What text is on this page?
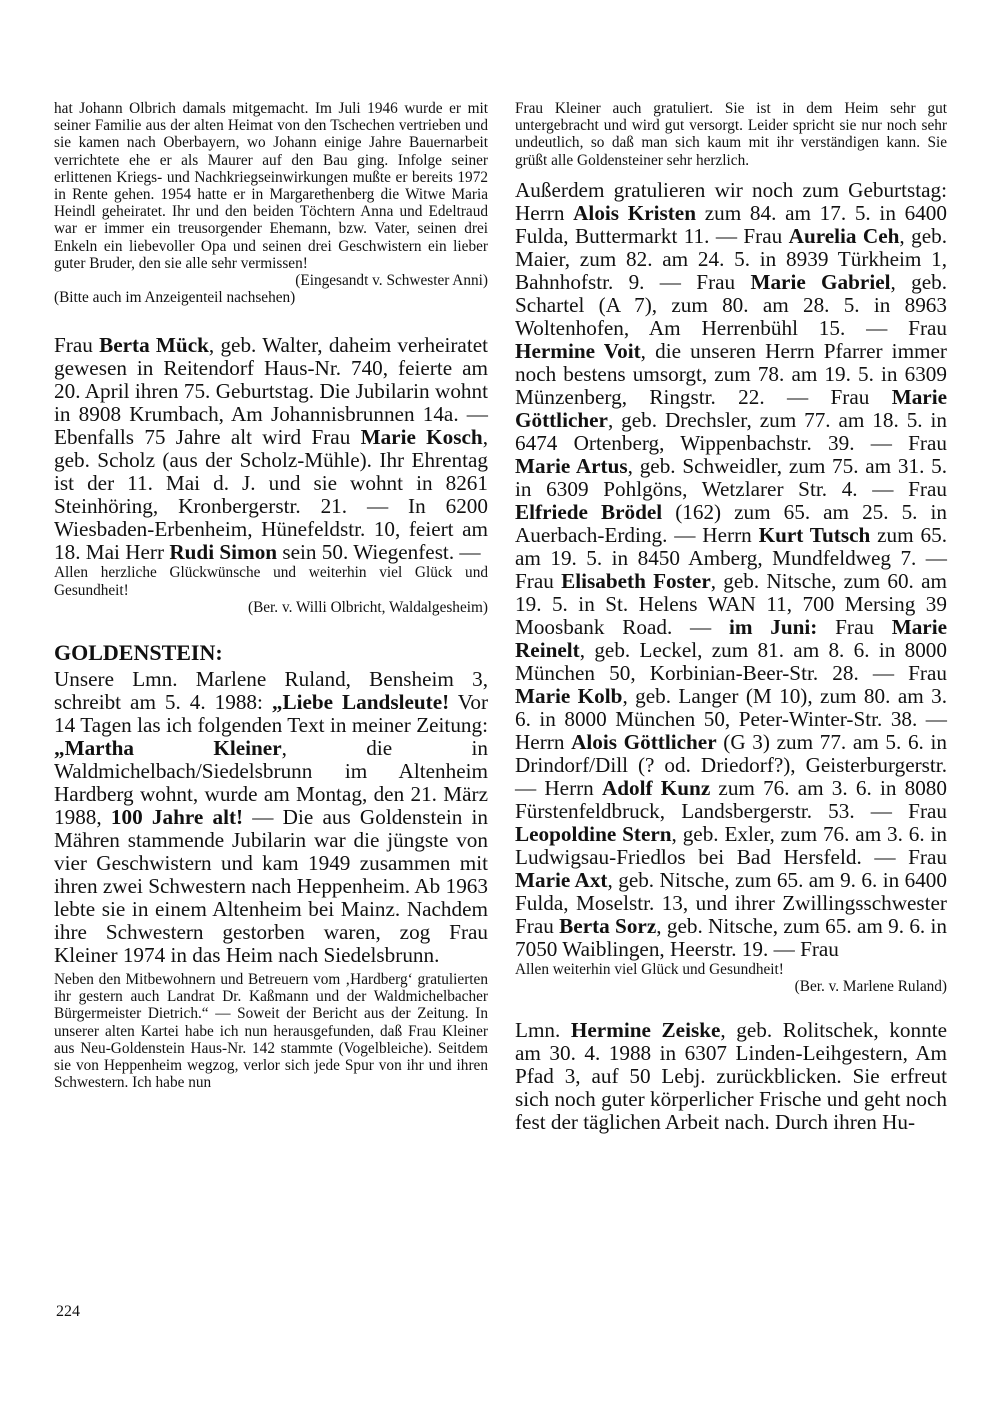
hat Johann Olbrich damals mitgemacht. Im Juli 1946 wurde er mit seiner Familie aus der alten Heimat von den Tschechen vertrieben und sie kamen nach Oberbayern, wo Johann einige Jahre Bauernarbeit verrichtete ehe er als Maurer auf den Bau ging. Infolge seiner erlittenen Kriegs- und Nachkriegseinwirkungen mußte er bereits 1972 in Rente gehen. 1954 hatte er in Margarethenberg die Witwe Maria Heindl geheiratet. Ihr und den beiden Töchtern Anna und Edeltraud war er immer ein treusorgender Ehemann, bzw. Vater, seinen drei Enkeln ein liebevoller Opa und seinen drei Geschwistern ein lieber guter Bruder, den sie alle sehr vermissen!

(Eingesandt v. Schwester Anni)

(Bitte auch im Anzeigenteil nachsehen)

Frau Berta Mück, geb. Walter, daheim verheiratet gewesen in Reitendorf Haus-Nr. 740, feierte am 20. April ihren 75. Geburtstag. Die Jubilarin wohnt in 8908 Krumbach, Am Johannisbrunnen 14a. — Ebenfalls 75 Jahre alt wird Frau Marie Kosch, geb. Scholz (aus der Scholz-Mühle). Ihr Ehrentag ist der 11. Mai d. J. und sie wohnt in 8261 Steinhöring, Kronbergerstr. 21. — In 6200 Wiesbaden-Erbenheim, Hünefeldstr. 10, feiert am 18. Mai Herr Rudi Simon sein 50. Wiegenfest. —

Allen herzliche Glückwünsche und weiterhin viel Glück und Gesundheit!

(Ber. v. Willi Olbricht, Waldalgesheim)

GOLDENSTEIN:

Unsere Lmn. Marlene Ruland, Bensheim 3, schreibt am 5. 4. 1988: „Liebe Landsleute! Vor 14 Tagen las ich folgenden Text in meiner Zeitung: „Martha Kleiner, die in Waldmichelbach/Siedelsbrunn im Altenheim Hardberg wohnt, wurde am Montag, den 21. März 1988, 100 Jahre alt! — Die aus Goldenstein in Mähren stammende Jubilarin war die jüngste von vier Geschwistern und kam 1949 zusammen mit ihren zwei Schwestern nach Heppenheim. Ab 1963 lebte sie in einem Altenheim bei Mainz. Nachdem ihre Schwestern gestorben waren, zog Frau Kleiner 1974 in das Heim nach Siedelsbrunn.

Neben den Mitbewohnern und Betreuern vom ‚Hardberg‘ gratulierten ihr gestern auch Landrat Dr. Kaßmann und der Waldmichelbacher Bürgermeister Dietrich.“ — Soweit der Bericht aus der Zeitung. In unserer alten Kartei habe ich nun herausgefunden, daß Frau Kleiner aus Neu-Goldenstein Haus-Nr. 142 stammte (Vogelbleiche). Seitdem sie von Heppenheim wegzog, verlor sich jede Spur von ihr und ihren Schwestern. Ich habe nun

Frau Kleiner auch gratuliert. Sie ist in dem Heim sehr gut untergebracht und wird gut versorgt. Leider spricht sie nur noch sehr undeutlich, so daß man sich kaum mit ihr verständigen kann. Sie grüßt alle Goldensteiner sehr herzlich.

Außerdem gratulieren wir noch zum Geburtstag: Herrn Alois Kristen zum 84. am 17. 5. in 6400 Fulda, Buttermarkt 11. — Frau Aurelia Ceh, geb. Maier, zum 82. am 24. 5. in 8939 Türkheim 1, Bahnhofstr. 9. — Frau Marie Gabriel, geb. Schartel (A 7), zum 80. am 28. 5. in 8963 Woltenhofen, Am Herrenbühl 15. — Frau Hermine Voit, die unseren Herrn Pfarrer immer noch bestens umsorgt, zum 78. am 19. 5. in 6309 Münzenberg, Ringstr. 22. — Frau Marie Göttlicher, geb. Drechsler, zum 77. am 18. 5. in 6474 Ortenberg, Wippenbachstr. 39. — Frau Marie Artus, geb. Schweidler, zum 75. am 31. 5. in 6309 Pohlgöns, Wetzlarer Str. 4. — Frau Elfriede Brödel (162) zum 65. am 25. 5. in Auerbach-Erding. — Herrn Kurt Tutsch zum 65. am 19. 5. in 8450 Amberg, Mundfeldweg 7. — Frau Elisabeth Foster, geb. Nitsche, zum 60. am 19. 5. in St. Helens WAN 11, 700 Mersing 39 Moosbank Road. — im Juni: Frau Marie Reinelt, geb. Leckel, zum 81. am 8. 6. in 8000 München 50, Korbinian-Beer-Str. 28. — Frau Marie Kolb, geb. Langer (M 10), zum 80. am 3. 6. in 8000 München 50, Peter-Winter-Str. 38. — Herrn Alois Göttlicher (G 3) zum 77. am 5. 6. in Drindorf/Dill (? od. Driedorf?), Geisterburgerstr. — Herrn Adolf Kunz zum 76. am 3. 6. in 8080 Fürstenfeldbruck, Landsbergerstr. 53. — Frau Leopoldine Stern, geb. Exler, zum 76. am 3. 6. in Ludwigsau-Friedlos bei Bad Hersfeld. — Frau Marie Axt, geb. Nitsche, zum 65. am 9. 6. in 6400 Fulda, Moselstr. 13, und ihrer Zwillingsschwester Frau Berta Sorz, geb. Nitsche, zum 65. am 9. 6. in 7050 Waiblingen, Heerstr. 19. — Frau

Allen weiterhin viel Glück und Gesundheit!

(Ber. v. Marlene Ruland)

Lmn. Hermine Zeiske, geb. Rolitschek, konnte am 30. 4. 1988 in 6307 Linden-Leihgestern, Am Pfad 3, auf 50 Lebj. zurückblicken. Sie erfreut sich noch guter körperlicher Frische und geht noch fest der täglichen Arbeit nach. Durch ihren Hu-

224
